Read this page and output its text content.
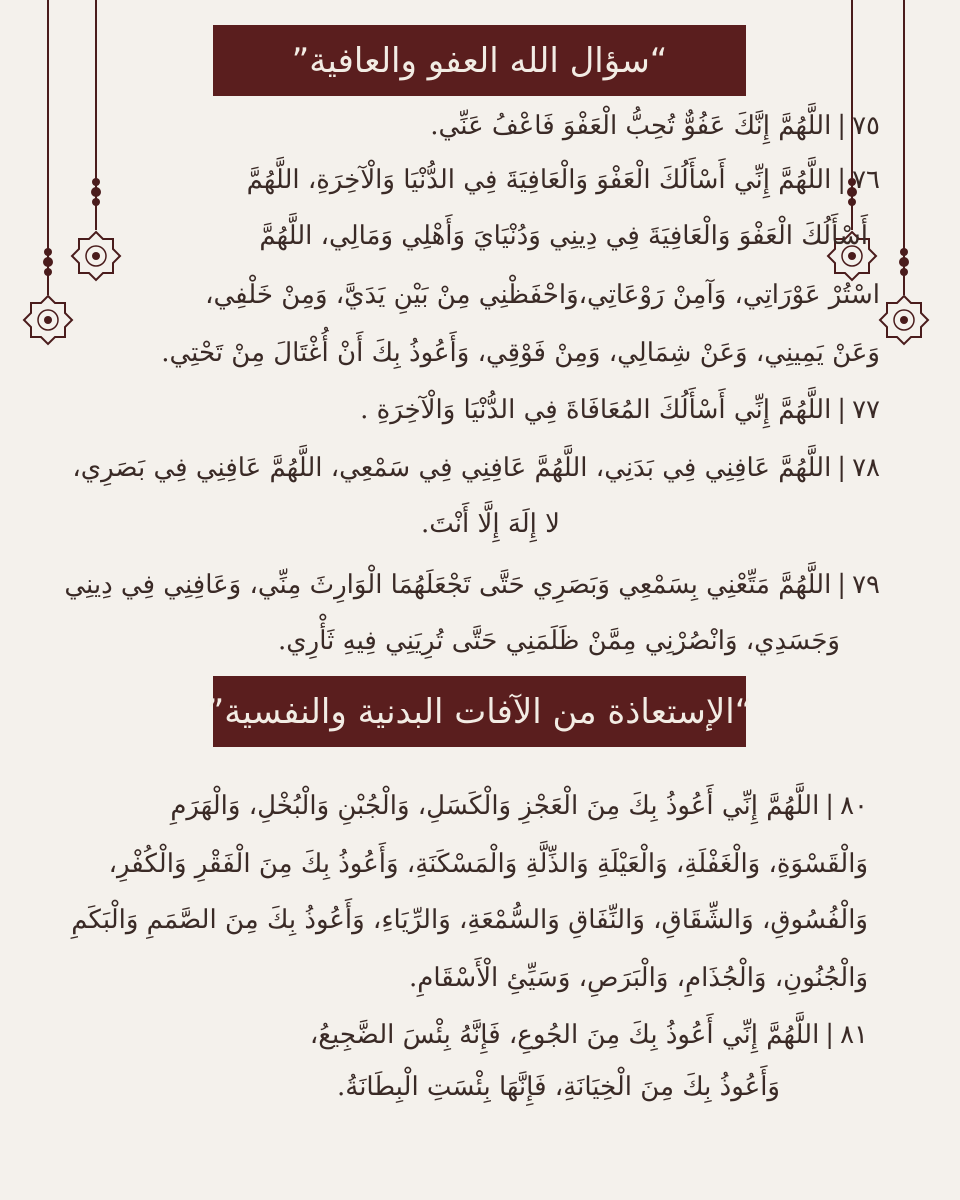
“سؤال الله العفو والعافية”
٧٥|اللَّهُمَّ إِنَّكَ عَفُوٌّ تُحِبُّ الْعَفْوَ فَاعْفُ عَنِّي.
٧٦|اللَّهُمَّ إِنِّي أَسْأَلُكَ الْعَفْوَ وَالْعَافِيَةَ فِي الدُّنْيَا وَالْآخِرَةِ، اللَّهُمَّ
أَسْأَلُكَ الْعَفْوَ وَالْعَافِيَةَ فِي دِينِي وَدُنْيَايَ وَأَهْلِي وَمَالِي، اللَّهُمَّ
اسْتُرْ عَوْرَاتِي، وَآمِنْ رَوْعَاتِي،وَاحْفَظْنِي مِنْ بَيْنِ يَدَيَّ، وَمِنْ خَلْفِي،
وَعَنْ يَمِينِي، وَعَنْ شِمَالِي، وَمِنْ فَوْقِي، وَأَعُوذُ بِكَ أَنْ أُغْتَالَ مِنْ تَحْتِي.
٧٧|اللَّهُمَّ إِنِّي أَسْأَلُكَ المُعَافَاةَ فِي الدُّنْيَا وَالْآخِرَةِ .
٧٨|اللَّهُمَّ عَافِنِي فِي بَدَنِي، اللَّهُمَّ عَافِنِي فِي سَمْعِي، اللَّهُمَّ عَافِنِي فِي بَصَرِي،
لا إِلَهَ إِلَّا أَنْتَ.
٧٩|اللَّهُمَّ مَتِّعْنِي بِسَمْعِي وَبَصَرِي حَتَّى تَجْعَلَهُمَا الْوَارِثَ مِنِّي، وَعَافِنِي فِي دِينِي
وَجَسَدِي، وَانْصُرْنِي مِمَّنْ ظَلَمَنِي حَتَّى تُرِيَنِي فِيهِ ثَأْرِي.
“الإستعاذة من الآفات البدنية والنفسية”
٨٠|اللَّهُمَّ إِنِّي أَعُوذُ بِكَ مِنَ الْعَجْزِ وَالْكَسَلِ، وَالْجُبْنِ وَالْبُخْلِ، وَالْهَرَمِ
وَالْقَسْوَةِ، وَالْغَفْلَةِ، وَالْعَيْلَةِ وَالذِّلَّةِ وَالْمَسْكَنَةِ، وَأَعُوذُ بِكَ مِنَ الْفَقْرِ وَالْكُفْرِ،
وَالْفُسُوقِ، وَالشِّقَاقِ، وَالنِّفَاقِ وَالسُّمْعَةِ، وَالرِّيَاءِ، وَأَعُوذُ بِكَ مِنَ الصَّمَمِ وَالْبَكَمِ
وَالْجُنُونِ، وَالْجُذَامِ، وَالْبَرَصِ، وَسَيِّئِ الْأَسْقَامِ.
٨١|اللَّهُمَّ إِنِّي أَعُوذُ بِكَ مِنَ الجُوعِ، فَإِنَّهُ بِئْسَ الضَّجِيعُ،
وَأَعُوذُ بِكَ مِنَ الْخِيَانَةِ، فَإِنَّهَا بِئْسَتِ الْبِطَانَةُ.
